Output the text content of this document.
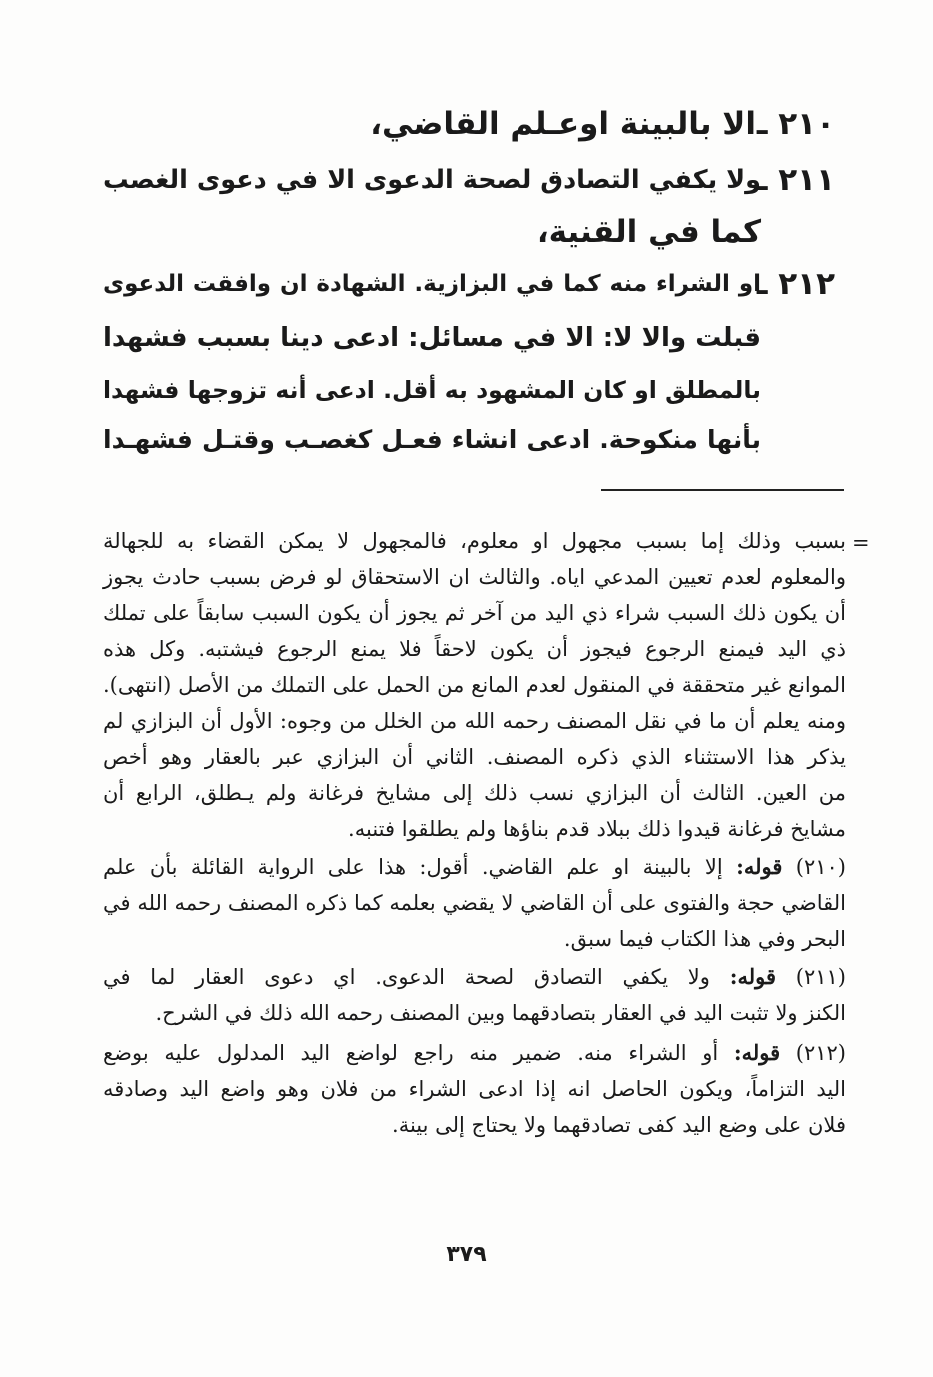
٢١٠ ـ
الا بالبينة اوعـلم القاضي،
٢١١ ـ
ولا يكفي التصادق لصحة الدعوى الا في دعوى الغصب
كما في القنية،
٢١٢ ـ
او الشراء منه كما في البزازية. الشهادة ان وافقت الدعوى
قبلت والا لا: الا في مسائل: ادعى دينا بسبب فشهدا
بالمطلق او كان المشهود به أقل. ادعى أنه تزوجها فشهدا
بأنها منكوحة. ادعى انشاء فعـل كغصـب وقتـل فشهـدا
=
بسبب وذلك إما بسبب مجهول او معلوم، فالمجهول لا يمكن القضاء به للجهالة
والمعلوم لعدم تعيين المدعي اياه. والثالث ان الاستحقاق لو فرض بسبب حادث يجوز
أن يكون ذلك السبب شراء ذي اليد من آخر ثم يجوز أن يكون السبب سابقاً على تملك
ذي اليد فيمنع الرجوع فيجوز أن يكون لاحقاً فلا يمنع الرجوع فيشتبه. وكل هذه
الموانع غير متحققة في المنقول لعدم المانع من الحمل على التملك من الأصل (انتهى).
ومنه يعلم أن ما في نقل المصنف رحمه الله من الخلل من وجوه: الأول أن البزازي لم
يذكر هذا الاستثناء الذي ذكره المصنف. الثاني أن البزازي عبر بالعقار وهو أخص
من العين. الثالث أن البزازي نسب ذلك إلى مشايخ فرغانة ولم يـطلق، الرابع أن
مشايخ فرغانة قيدوا ذلك ببلاد قدم بناؤها ولم يطلقوا فتنبه.
(٢١٠) قوله: إلا بالبينة او علم القاضي. أقول: هذا على الرواية القائلة بأن علم
القاضي حجة والفتوى على أن القاضي لا يقضي بعلمه كما ذكره المصنف رحمه الله في
البحر وفي هذا الكتاب فيما سبق.
(٢١١) قوله: ولا يكفي التصادق لصحة الدعوى. اي دعوى العقار لما في
الكنز ولا تثبت اليد في العقار بتصادقهما وبين المصنف رحمه الله ذلك في الشرح.
(٢١٢) قوله: أو الشراء منه. ضمير منه راجع لواضع اليد المدلول عليه بوضع
اليد التزاماً، ويكون الحاصل انه إذا ادعى الشراء من فلان وهو واضع اليد وصادقه
فلان على وضع اليد كفى تصادقهما ولا يحتاج إلى بينة.
٣٧٩
